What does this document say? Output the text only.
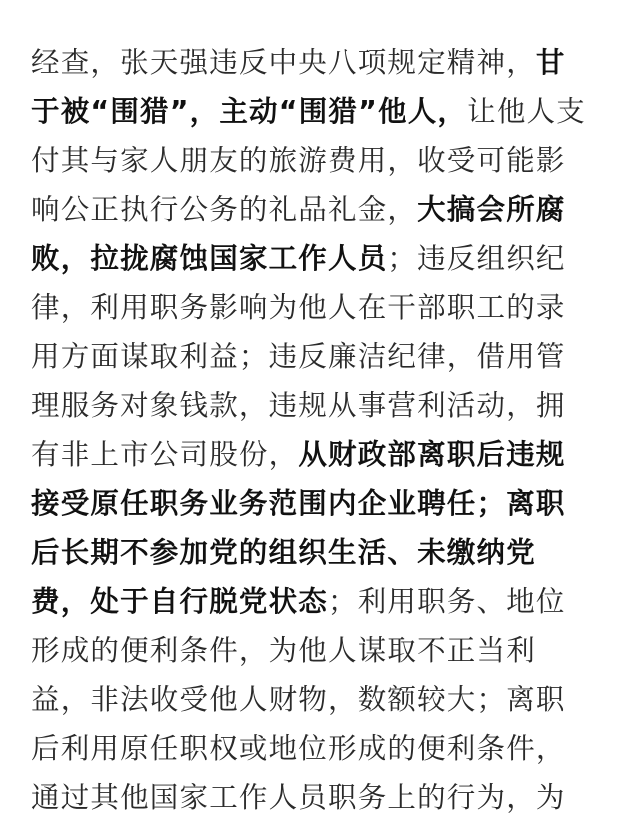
经查，张天强违反中央八项规定精神，甘
于被“围猎”，主动“围猎”他人，让他人支
付其与家人朋友的旅游费用，收受可能影
响公正执行公务的礼品礼金，大搞会所腐
败，拉拢腐蚀国家工作人员；违反组织纪
律，利用职务影响为他人在干部职工的录
用方面谋取利益；违反廉洁纪律，借用管
理服务对象钱款，违规从事营利活动，拥
有非上市公司股份，从财政部离职后违规
接受原任职务业务范围内企业聘任；离职
后长期不参加党的组织生活、未缴纳党
费，处于自行脱党状态；利用职务、地位
形成的便利条件，为他人谋取不正当利
益，非法收受他人财物，数额较大；离职
后利用原任职权或地位形成的便利条件，
通过其他国家工作人员职务上的行为，为
